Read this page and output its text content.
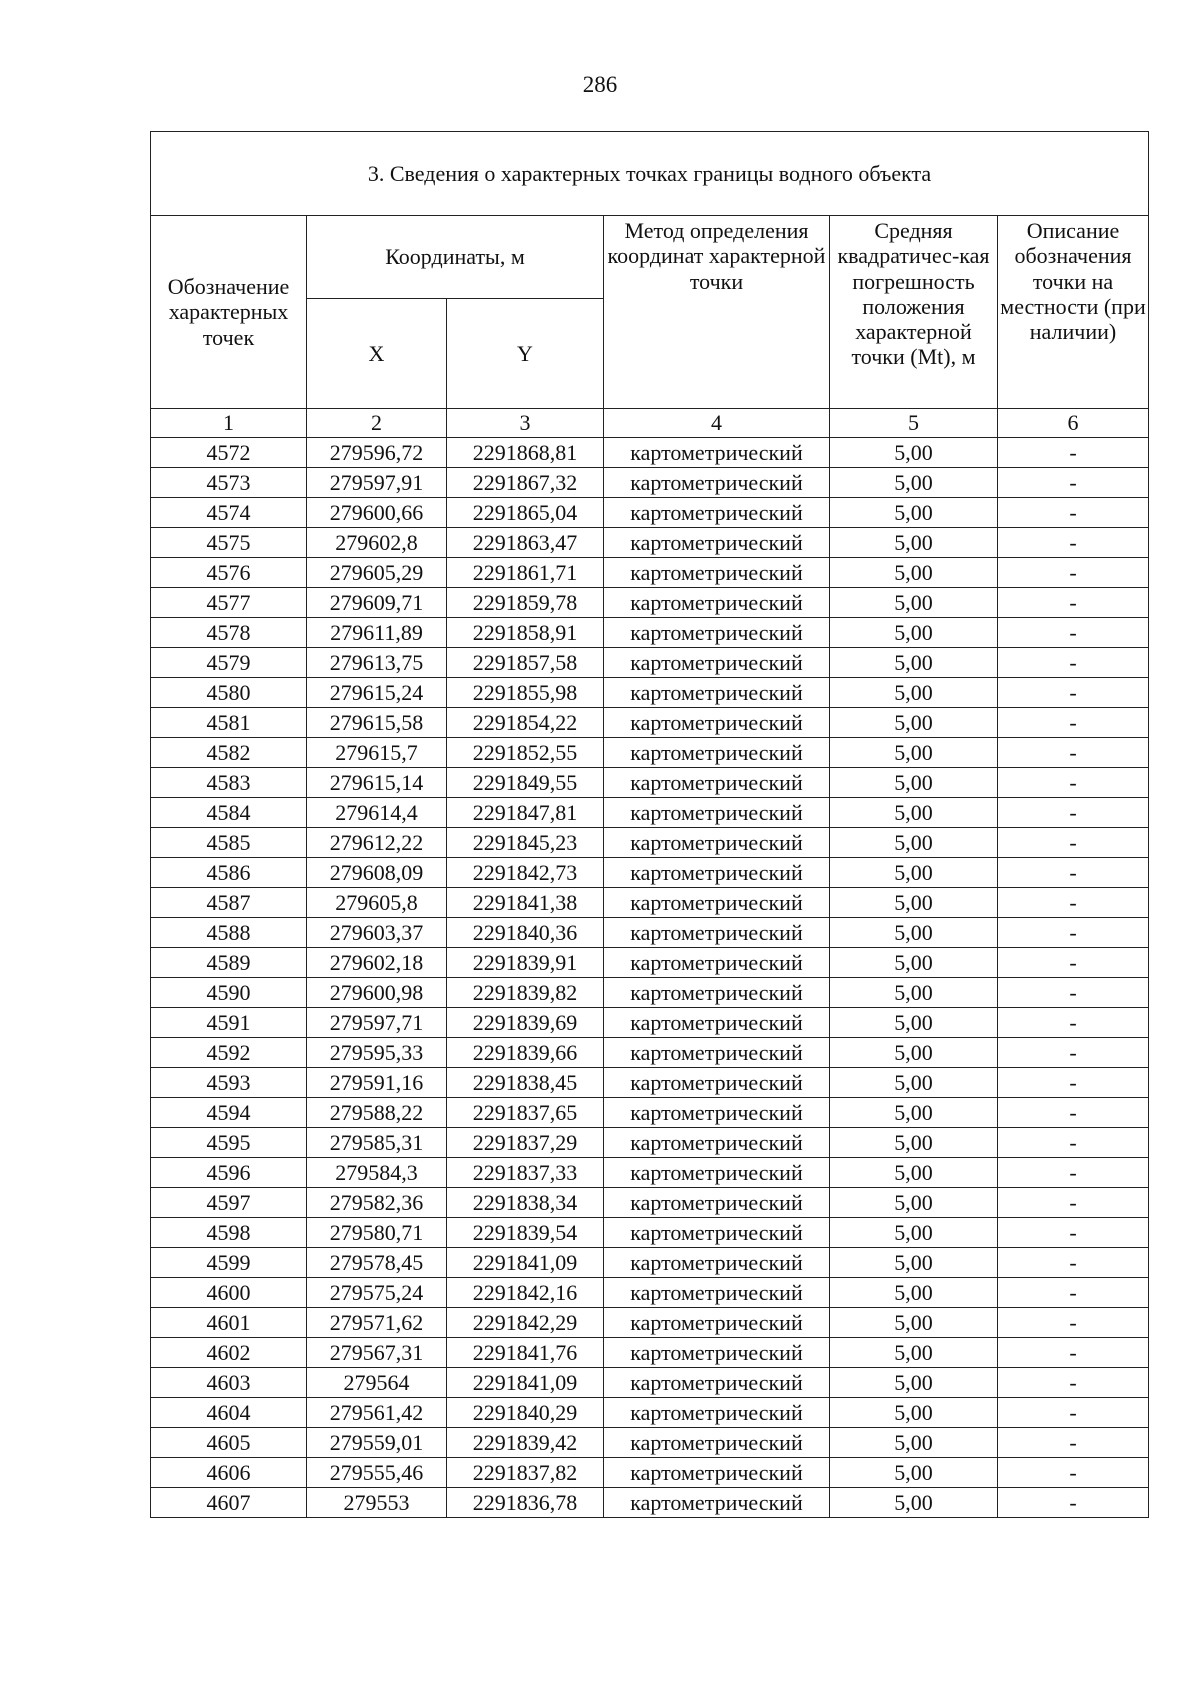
286
3. Сведения о характерных точках границы водного объекта					
Обозначение характерных точек	Координаты, м		Метод определения координат характерной точки	Средняя квадратичес-кая погрешность положения характерной точки (Mt), м	Описание обозначения точки на местности (при наличии)
	X	Y			
1	2	3	4	5	6
4572	279596,72	2291868,81	картометрический	5,00	-
4573	279597,91	2291867,32	картометрический	5,00	-
4574	279600,66	2291865,04	картометрический	5,00	-
4575	279602,8	2291863,47	картометрический	5,00	-
4576	279605,29	2291861,71	картометрический	5,00	-
4577	279609,71	2291859,78	картометрический	5,00	-
4578	279611,89	2291858,91	картометрический	5,00	-
4579	279613,75	2291857,58	картометрический	5,00	-
4580	279615,24	2291855,98	картометрический	5,00	-
4581	279615,58	2291854,22	картометрический	5,00	-
4582	279615,7	2291852,55	картометрический	5,00	-
4583	279615,14	2291849,55	картометрический	5,00	-
4584	279614,4	2291847,81	картометрический	5,00	-
4585	279612,22	2291845,23	картометрический	5,00	-
4586	279608,09	2291842,73	картометрический	5,00	-
4587	279605,8	2291841,38	картометрический	5,00	-
4588	279603,37	2291840,36	картометрический	5,00	-
4589	279602,18	2291839,91	картометрический	5,00	-
4590	279600,98	2291839,82	картометрический	5,00	-
4591	279597,71	2291839,69	картометрический	5,00	-
4592	279595,33	2291839,66	картометрический	5,00	-
4593	279591,16	2291838,45	картометрический	5,00	-
4594	279588,22	2291837,65	картометрический	5,00	-
4595	279585,31	2291837,29	картометрический	5,00	-
4596	279584,3	2291837,33	картометрический	5,00	-
4597	279582,36	2291838,34	картометрический	5,00	-
4598	279580,71	2291839,54	картометрический	5,00	-
4599	279578,45	2291841,09	картометрический	5,00	-
4600	279575,24	2291842,16	картометрический	5,00	-
4601	279571,62	2291842,29	картометрический	5,00	-
4602	279567,31	2291841,76	картометрический	5,00	-
4603	279564	2291841,09	картометрический	5,00	-
4604	279561,42	2291840,29	картометрический	5,00	-
4605	279559,01	2291839,42	картометрический	5,00	-
4606	279555,46	2291837,82	картометрический	5,00	-
4607	279553	2291836,78	картометрический	5,00	-
